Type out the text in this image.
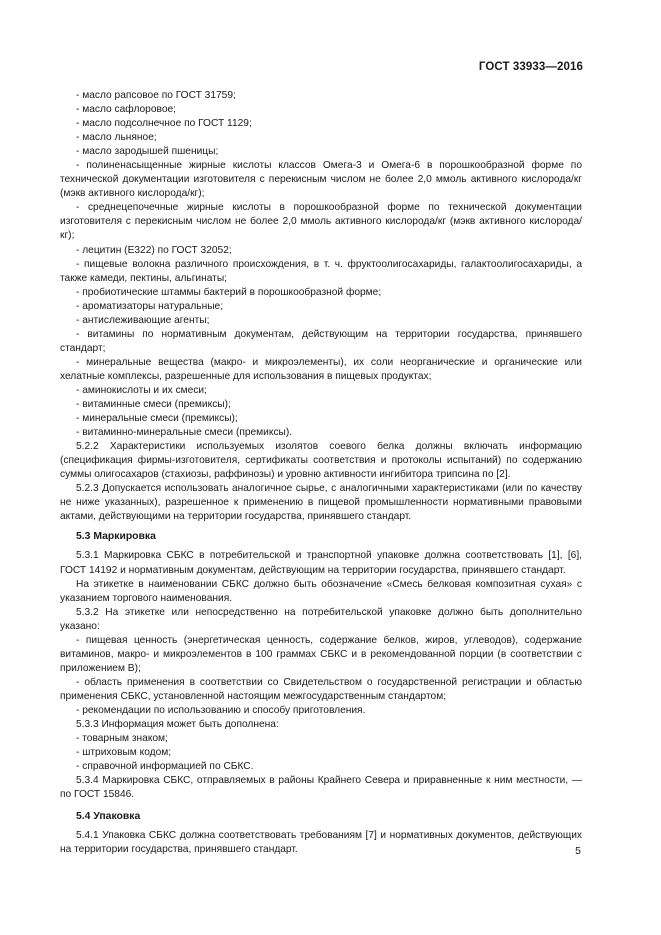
ГОСТ 33933—2016

- масло рапсовое по ГОСТ 31759;

- масло сафлоровое;

- масло подсолнечное по ГОСТ 1129;

- масло льняное;

- масло зародышей пшеницы;

- полиненасыщенные жирные кислоты классов Омега-3 и Омега-6 в порошкообразной форме по технической документации изготовителя с перекисным числом не более 2,0 ммоль активного кислорода/кг (мэкв активного кислорода/кг);

- среднецепочечные жирные кислоты в порошкообразной форме по технической документации изготовителя с перекисным числом не более 2,0 ммоль активного кислорода/кг (мэкв активного кислорода/кг);

- лецитин (Е322) по ГОСТ 32052;

- пищевые волокна различного происхождения, в т. ч. фруктоолигосахариды, галактоолигосахариды, а также камеди, пектины, альгинаты;

- пробиотические штаммы бактерий в порошкообразной форме;

- ароматизаторы натуральные;

- антислеживающие агенты;

- витамины по нормативным документам, действующим на территории государства, принявшего стандарт;

- минеральные вещества (макро- и микроэлементы), их соли неорганические и органические или хелатные комплексы, разрешенные для использования в пищевых продуктах;

- аминокислоты и их смеси;

- витаминные смеси (премиксы);

- минеральные смеси (премиксы);

- витаминно-минеральные смеси (премиксы).

5.2.2 Характеристики используемых изолятов соевого белка должны включать информацию (спецификация фирмы-изготовителя, сертификаты соответствия и протоколы испытаний) по содержанию суммы олигосахаров (стахиозы, раффинозы) и уровню активности ингибитора трипсина по [2].

5.2.3 Допускается использовать аналогичное сырье, с аналогичными характеристиками (или по качеству не ниже указанных), разрешенное к применению в пищевой промышленности нормативными правовыми актами, действующими на территории государства, принявшего стандарт.

5.3 Маркировка

5.3.1 Маркировка СБКС в потребительской и транспортной упаковке должна соответствовать [1], [6], ГОСТ 14192 и нормативным документам, действующим на территории государства, принявшего стандарт.

На этикетке в наименовании СБКС должно быть обозначение «Смесь белковая композитная сухая» с указанием торгового наименования.

5.3.2 На этикетке или непосредственно на потребительской упаковке должно быть дополнительно указано:

- пищевая ценность (энергетическая ценность, содержание белков, жиров, углеводов), содержание витаминов, макро- и микроэлементов в 100 граммах СБКС и в рекомендованной порции (в соответствии с приложением В);

- область применения в соответствии со Свидетельством о государственной регистрации и областью применения СБКС, установленной настоящим межгосударственным стандартом;

- рекомендации по использованию и способу приготовления.

5.3.3 Информация может быть дополнена:

- товарным знаком;

- штриховым кодом;

- справочной информацией по СБКС.

5.3.4 Маркировка СБКС, отправляемых в районы Крайнего Севера и приравненные к ним местности, — по ГОСТ 15846.

5.4 Упаковка

5.4.1 Упаковка СБКС должна соответствовать требованиям [7] и нормативных документов, действующих на территории государства, принявшего стандарт.	5
